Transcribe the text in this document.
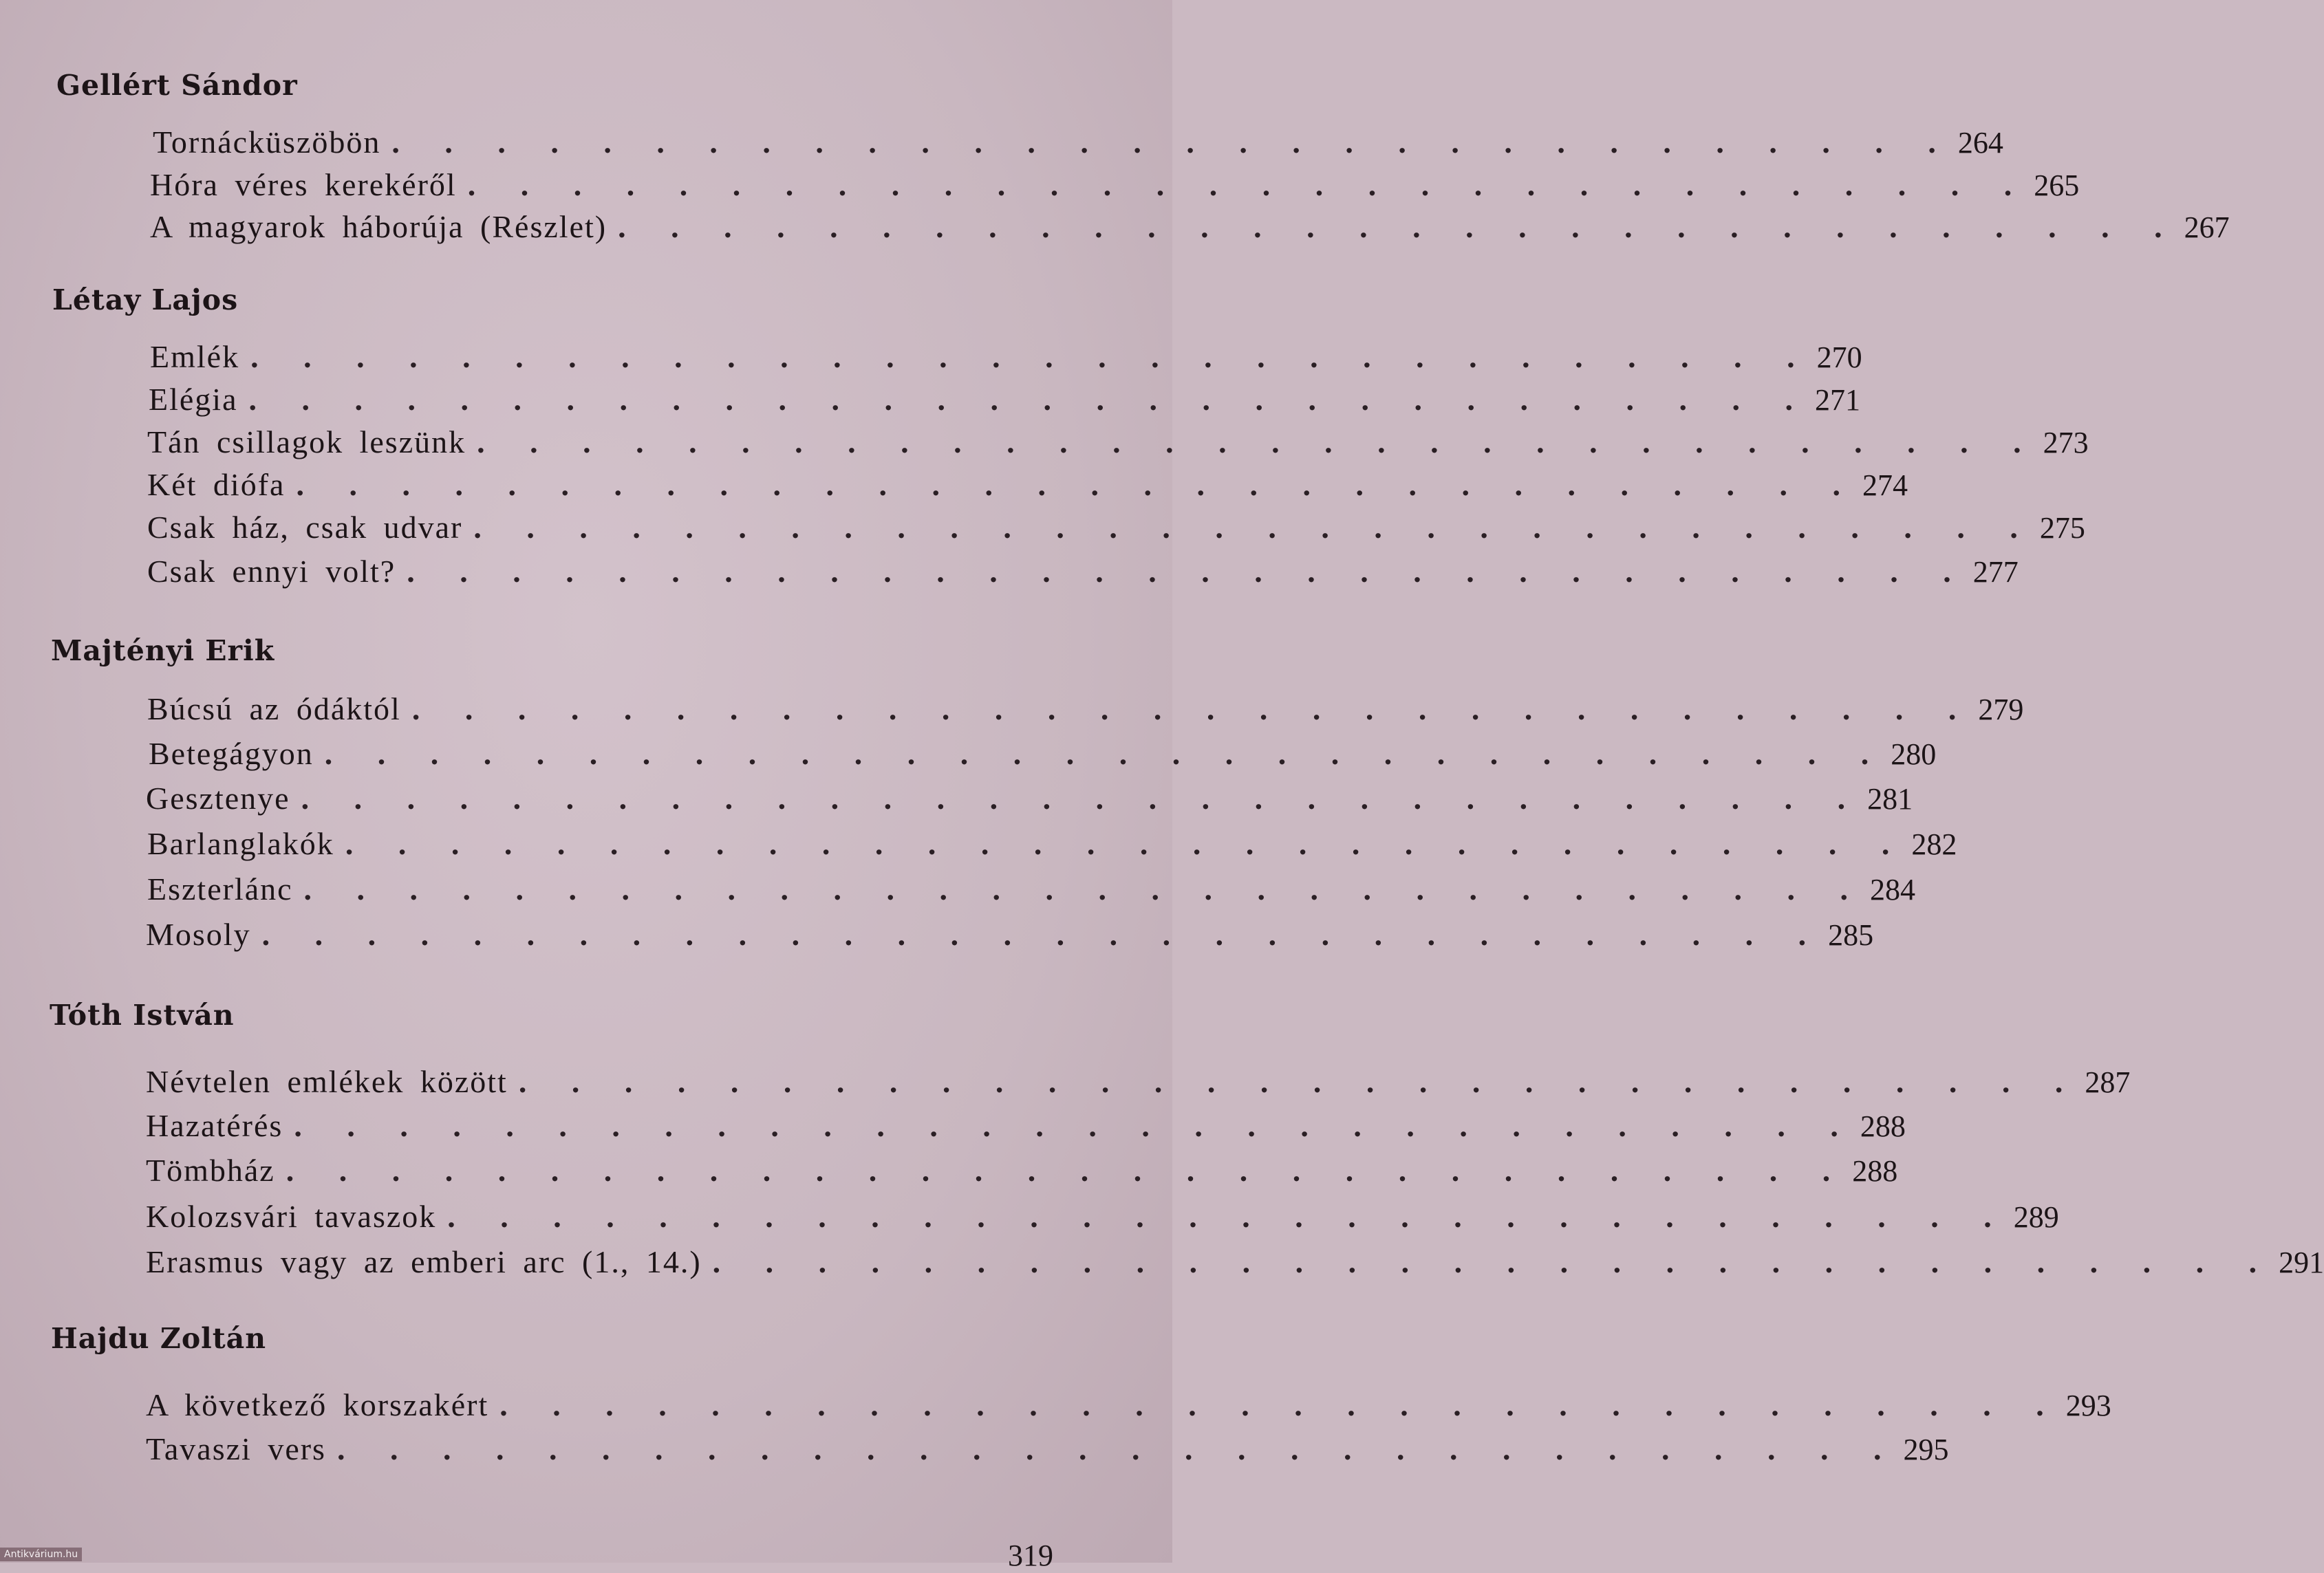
Gellért Sándor
Tornácküszöbön . . . . . . . . . . . . . . . . . . . . . . . . . . . . . . 264
Hóra véres kerekéről . . . . . . . . . . . . . . . . . . . . . . . . . . . . . . 265
A magyarok háborúja (Részlet) . . . . . . . . . . . . . . . . . . . . . . . . . . . . . . 267
Létay Lajos
Emlék . . . . . . . . . . . . . . . . . . . . . . . . . . . . . . 270
Elégia . . . . . . . . . . . . . . . . . . . . . . . . . . . . . . 271
Tán csillagok leszünk . . . . . . . . . . . . . . . . . . . . . . . . . . . . . . 273
Két diófa . . . . . . . . . . . . . . . . . . . . . . . . . . . . . . 274
Csak ház, csak udvar . . . . . . . . . . . . . . . . . . . . . . . . . . . . . . 275
Csak ennyi volt? . . . . . . . . . . . . . . . . . . . . . . . . . . . . . . 277
Majtényi Erik
Búcsú az ódáktól . . . . . . . . . . . . . . . . . . . . . . . . . . . . . . 279
Betegágyon . . . . . . . . . . . . . . . . . . . . . . . . . . . . . . 280
Gesztenye . . . . . . . . . . . . . . . . . . . . . . . . . . . . . . 281
Barlanglakók . . . . . . . . . . . . . . . . . . . . . . . . . . . . . . 282
Eszterlánc . . . . . . . . . . . . . . . . . . . . . . . . . . . . . . 284
Mosoly . . . . . . . . . . . . . . . . . . . . . . . . . . . . . . 285
Tóth István
Névtelen emlékek között . . . . . . . . . . . . . . . . . . . . . . . . . . . . . . 287
Hazatérés . . . . . . . . . . . . . . . . . . . . . . . . . . . . . . 288
Tömbház . . . . . . . . . . . . . . . . . . . . . . . . . . . . . . 288
Kolozsvári tavaszok . . . . . . . . . . . . . . . . . . . . . . . . . . . . . . 289
Erasmus vagy az emberi arc (1., 14.) . . . . . . . . . . . . . . . . . . . . . . . . . . . . . . 291
Hajdu Zoltán
A következő korszakért . . . . . . . . . . . . . . . . . . . . . . . . . . . . . . 293
Tavaszi vers . . . . . . . . . . . . . . . . . . . . . . . . . . . . . . 295
319
Antikvárium.hu
